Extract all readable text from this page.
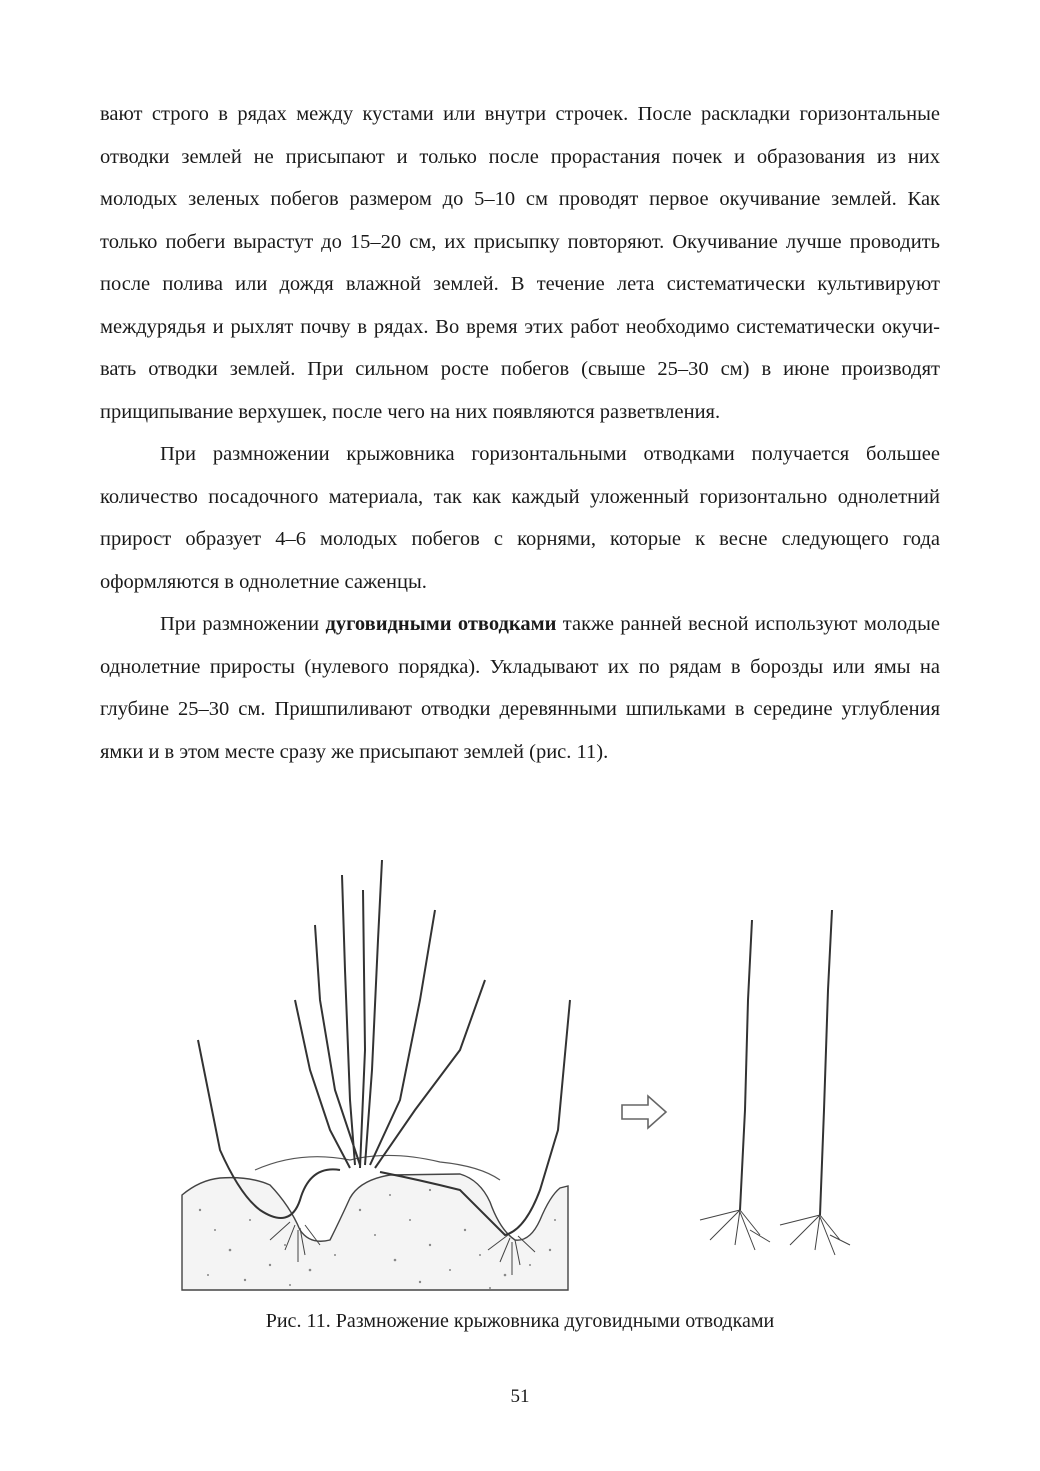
вают строго в рядах между кустами или внутри строчек. После раскладки горизонтальные отводки землей не присыпают и только после прорастания почек и образования из них молодых зеленых побегов размером до 5–10 см проводят первое окучивание землей. Как только побеги вырастут до 15–20 см, их присыпку повторяют. Окучивание лучше проводить после полива или дождя влажной землей. В течение лета систематически культивируют междурядья и рыхлят почву в рядах. Во время этих работ необходимо систематически окучивать отводки землей. При сильном росте побегов (свыше 25–30 см) в июне производят прищипывание верхушек, после чего на них появляются разветвления.

При размножении крыжовника горизонтальными отводками получается большее количество посадочного материала, так как каждый уложенный горизонтально однолетний прирост образует 4–6 молодых побегов с корнями, которые к весне следующего года оформляются в однолетние саженцы.

При размножении дуговидными отводками также ранней весной используют молодые однолетние приросты (нулевого порядка). Укладывают их по рядам в борозды или ямы на глубине 25–30 см. Пришпиливают отводки деревянными шпильками в середине углубления ямки и в этом месте сразу же присыпают землей (рис. 11).

Рис. 11. Размножение крыжовника дуговидными отводками
51
